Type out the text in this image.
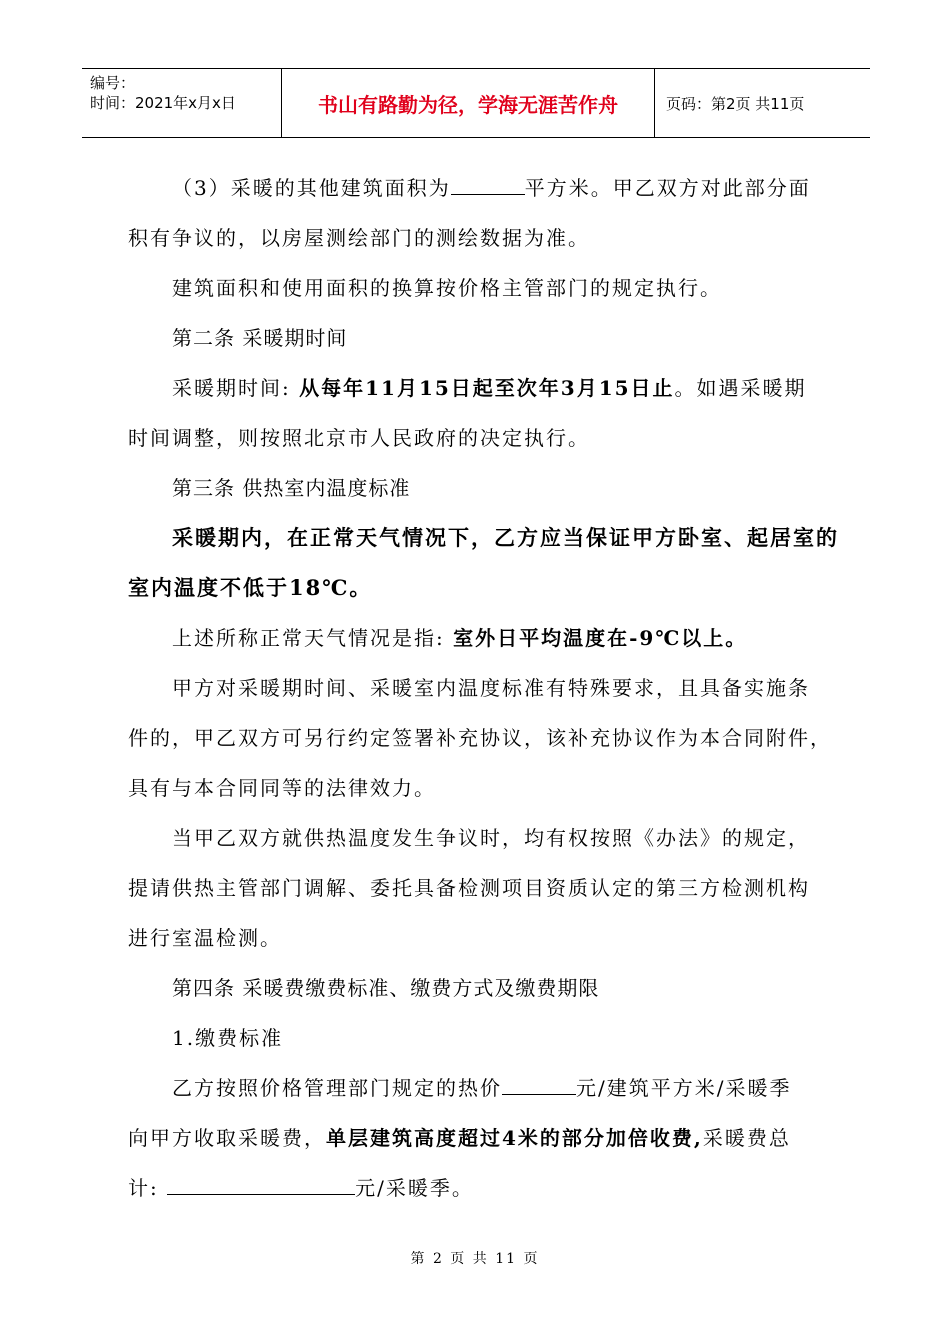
编号：
时间：2021年x月x日	书山有路勤为径，学海无涯苦作舟	页码：第2页 共11页
（3）采暖的其他建筑面积为	平方米。甲乙双方对此部分面
积有争议的，以房屋测绘部门的测绘数据为准。
建筑面积和使用面积的换算按价格主管部门的规定执行。
第二条 采暖期时间
采暖期时间: 从每年11月15日起至次年3月15日止。如遇采暖期
时间调整，则按照北京市人民政府的决定执行。
第三条 供热室内温度标准
采暖期内，在正常天气情况下，乙方应当保证甲方卧室、起居室的
室内温度不低于18℃。
上述所称正常天气情况是指: 室外日平均温度在-9℃以上。
甲方对采暖期时间、采暖室内温度标准有特殊要求，且具备实施条
件的，甲乙双方可另行约定签署补充协议，该补充协议作为本合同附件，
具有与本合同同等的法律效力。
当甲乙双方就供热温度发生争议时，均有权按照《办法》的规定，
提请供热主管部门调解、委托具备检测项目资质认定的第三方检测机构
进行室温检测。
第四条 采暖费缴费标准、缴费方式及缴费期限
1.缴费标准
乙方按照价格管理部门规定的热价	元/建筑平方米/采暖季
向甲方收取采暖费，单层建筑高度超过4米的部分加倍收费,采暖费总
计:	元/采暖季。
第 2 页 共 11 页
